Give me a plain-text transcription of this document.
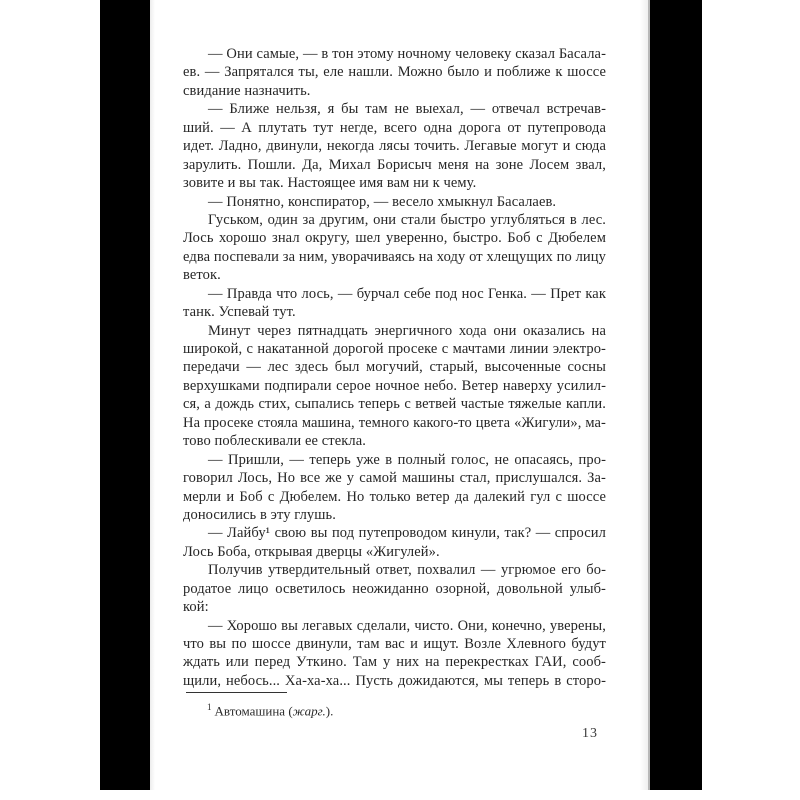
— Они самые, — в тон этому ночному человеку сказал Басала-
ев. — Запрятался ты, еле нашли. Можно было и поближе к шоссе
свидание назначить.
— Ближе нельзя, я бы там не выехал, — отвечал встречав-
ший. — А плутать тут негде, всего одна дорога от путепровода
идет. Ладно, двинули, некогда лясы точить. Легавые могут и сюда
зарулить. Пошли. Да, Михал Борисыч меня на зоне Лосем звал,
зовите и вы так. Настоящее имя вам ни к чему.
— Понятно, конспиратор, — весело хмыкнул Басалаев.
Гуськом, один за другим, они стали быстро углубляться в лес.
Лось хорошо знал округу, шел уверенно, быстро. Боб с Дюбелем
едва поспевали за ним, уворачиваясь на ходу от хлещущих по лицу
веток.
— Правда что лось, — бурчал себе под нос Генка. — Прет как
танк. Успевай тут.
Минут через пятнадцать энергичного хода они оказались на
широкой, с накатанной дорогой просеке с мачтами линии электро-
передачи — лес здесь был могучий, старый, высоченные сосны
верхушками подпирали серое ночное небо. Ветер наверху усилил-
ся, а дождь стих, сыпались теперь с ветвей частые тяжелые капли.
На просеке стояла машина, темного какого-то цвета «Жигули», ма-
тово поблескивали ее стекла.
— Пришли, — теперь уже в полный голос, не опасаясь, про-
говорил Лось, Но все же у самой машины стал, прислушался. За-
мерли и Боб с Дюбелем. Но только ветер да далекий гул с шоссе
доносились в эту глушь.
— Лайбу¹ свою вы под путепроводом кинули, так? — спросил
Лось Боба, открывая дверцы «Жигулей».
Получив утвердительный ответ, похвалил — угрюмое его бо-
родатое лицо осветилось неожиданно озорной, довольной улыб-
кой:
— Хорошо вы легавых сделали, чисто. Они, конечно, уверены,
что вы по шоссе двинули, там вас и ищут. Возле Хлевного будут
ждать или перед Уткино. Там у них на перекрестках ГАИ, сооб-
щили, небось... Ха-ха-ха... Пусть дожидаются, мы теперь в сторо-
$^1$ Автомашина (жарг.).
13
